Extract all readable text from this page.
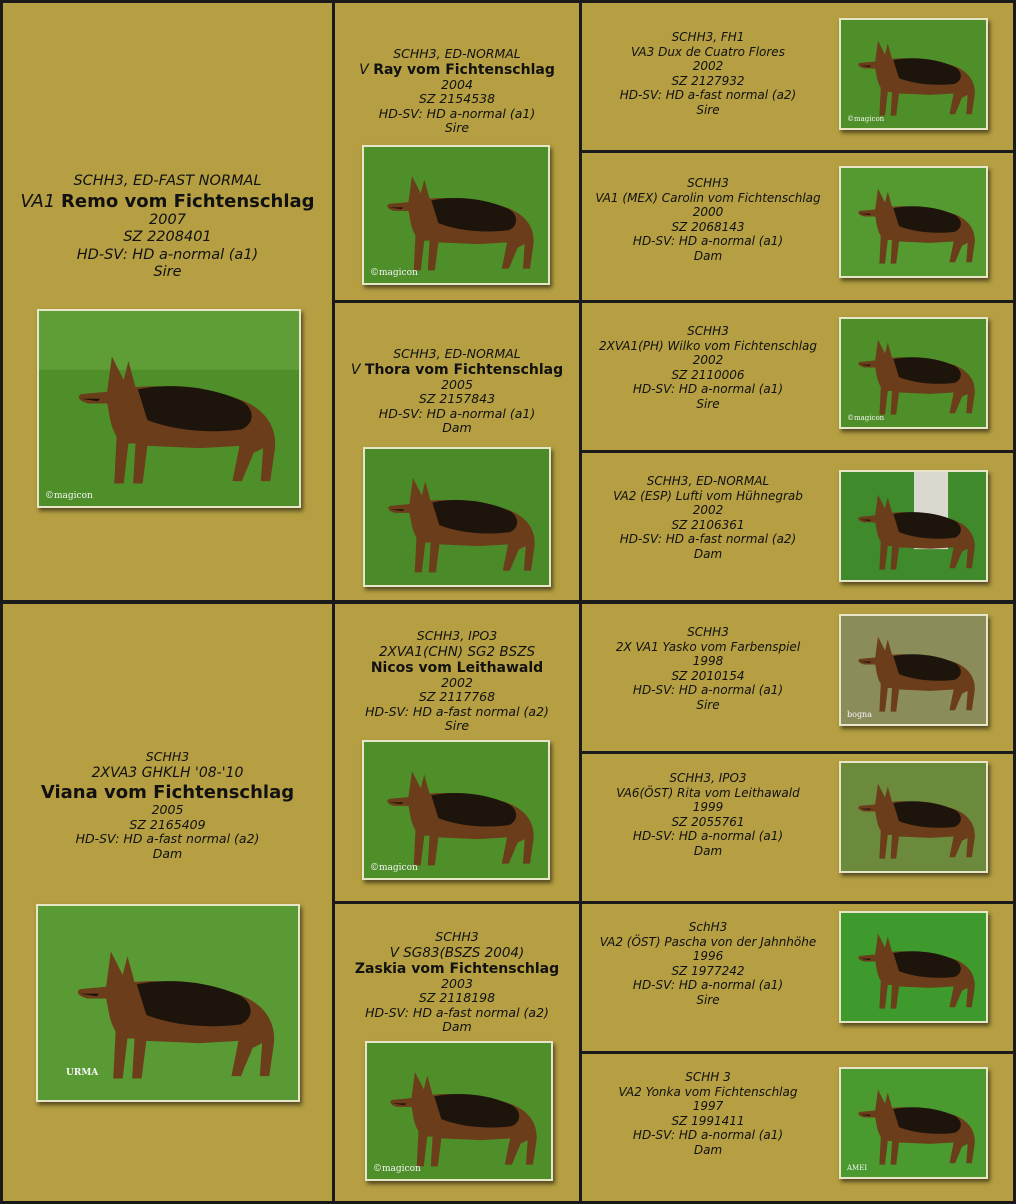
SCHH3, ED-FAST NORMAL
VA1 Remo vom Fichtenschlag
2007
SZ 2208401
HD-SV: HD a-normal (a1)
Sire
©magicon
SCHH3, ED-NORMAL
V Ray vom Fichtenschlag
2004
SZ 2154538
HD-SV: HD a-normal (a1)
Sire
©magicon
SCHH3, ED-NORMAL
V Thora vom Fichtenschlag
2005
SZ 2157843
HD-SV: HD a-normal (a1)
Dam
SCHH3, FH1
VA3 Dux de Cuatro Flores
2002
SZ 2127932
HD-SV: HD a-fast normal (a2)
Sire
©magicon
SCHH3
VA1 (MEX) Carolin vom Fichtenschlag
2000
SZ 2068143
HD-SV: HD a-normal (a1)
Dam
SCHH3
2XVA1(PH) Wilko vom Fichtenschlag
2002
SZ 2110006
HD-SV: HD a-normal (a1)
Sire
©magicon
SCHH3, ED-NORMAL
VA2 (ESP) Lufti vom Hühnegrab
2002
SZ 2106361
HD-SV: HD a-fast normal (a2)
Dam
SCHH3
2XVA3 GHKLH '08-'10
Viana vom Fichtenschlag
2005
SZ 2165409
HD-SV: HD a-fast normal (a2)
Dam
URMA
SCHH3, IPO3
2XVA1(CHN) SG2 BSZS
Nicos vom Leithawald
2002
SZ 2117768
HD-SV: HD a-fast normal (a2)
Sire
©magicon
SCHH3
V SG83(BSZS 2004)
Zaskia vom Fichtenschlag
2003
SZ 2118198
HD-SV: HD a-fast normal (a2)
Dam
©magicon
SCHH3
2X VA1 Yasko vom Farbenspiel
1998
SZ 2010154
HD-SV: HD a-normal (a1)
Sire
bogna
SCHH3, IPO3
VA6(ÖST) Rita vom Leithawald
1999
SZ 2055761
HD-SV: HD a-normal (a1)
Dam
SchH3
VA2 (ÖST) Pascha von der Jahnhöhe
1996
SZ 1977242
HD-SV: HD a-normal (a1)
Sire
SCHH 3
VA2 Yonka vom Fichtenschlag
1997
SZ 1991411
HD-SV: HD a-normal (a1)
Dam
AMEI
